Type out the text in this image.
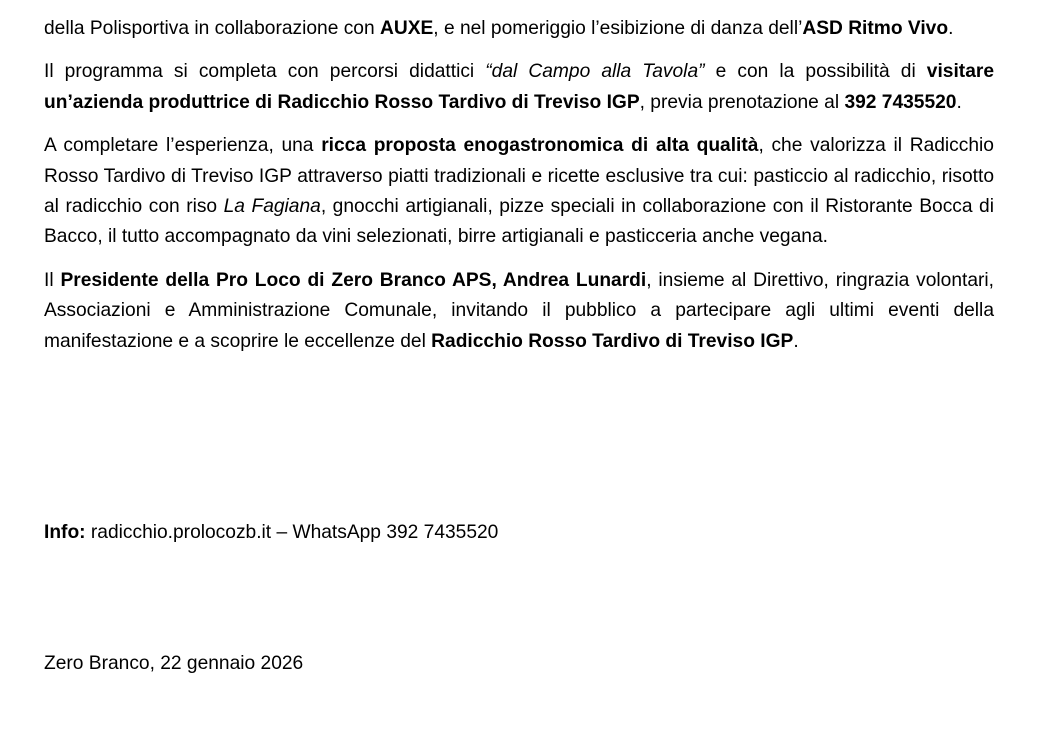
della Polisportiva in collaborazione con AUXE, e nel pomeriggio l’esibizione di danza dell’ASD Ritmo Vivo.

Il programma si completa con percorsi didattici “dal Campo alla Tavola” e con la possibilità di visitare un’azienda produttrice di Radicchio Rosso Tardivo di Treviso IGP, previa prenotazione al 392 7435520.

A completare l’esperienza, una ricca proposta enogastronomica di alta qualità, che valorizza il Radicchio Rosso Tardivo di Treviso IGP attraverso piatti tradizionali e ricette esclusive tra cui: pasticcio al radicchio, risotto al radicchio con riso La Fagiana, gnocchi artigianali, pizze speciali in collaborazione con il Ristorante Bocca di Bacco, il tutto accompagnato da vini selezionati, birre artigianali e pasticceria anche vegana.

Il Presidente della Pro Loco di Zero Branco APS, Andrea Lunardi, insieme al Direttivo, ringrazia volontari, Associazioni e Amministrazione Comunale, invitando il pubblico a partecipare agli ultimi eventi della manifestazione e a scoprire le eccellenze del Radicchio Rosso Tardivo di Treviso IGP.

Info: radicchio.prolocozb.it – WhatsApp 392 7435520

Zero Branco, 22 gennaio 2026
